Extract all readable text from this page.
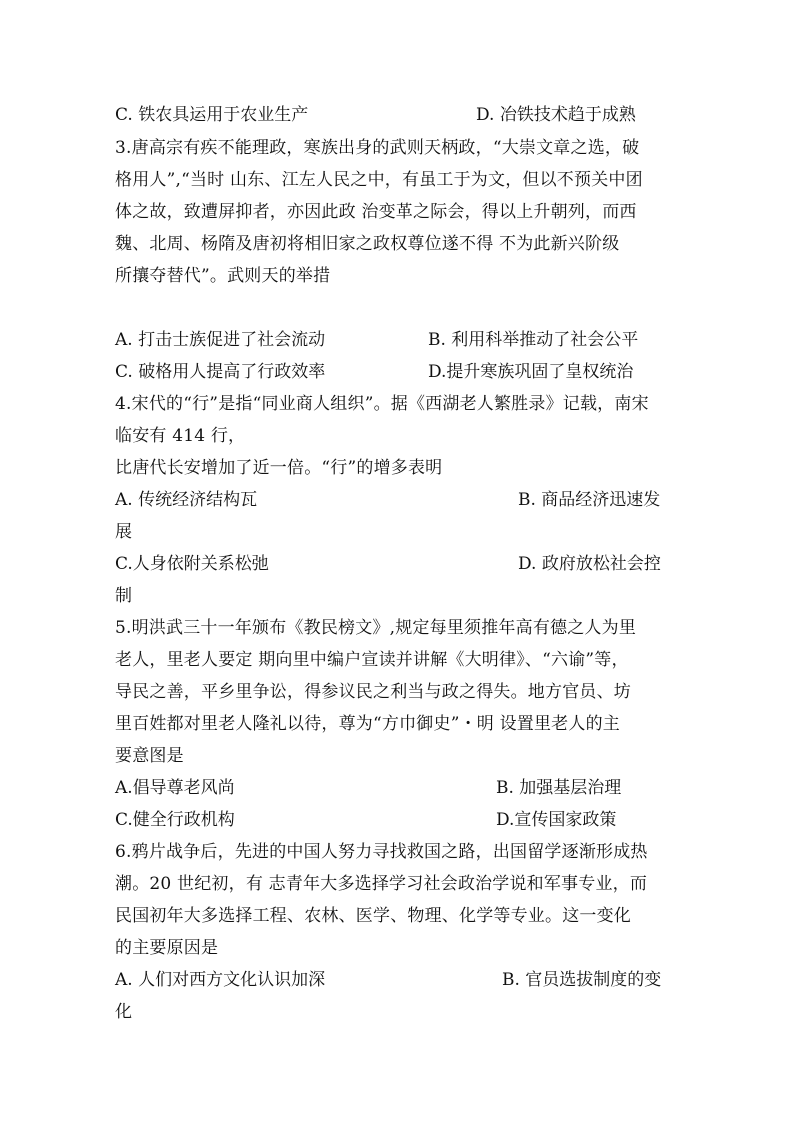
C. 铁农具运用于农业生产	D. 冶铁技术趋于成熟
3.唐高宗有疾不能理政，寒族出身的武则天柄政，“大崇文章之选，破
格用人”,“当时 山东、江左人民之中，有虽工于为文，但以不预关中团
体之故，致遭屏抑者，亦因此政 治变革之际会，得以上升朝列，而西
魏、北周、杨隋及唐初将相旧家之政权尊位遂不得 不为此新兴阶级
所攘夺替代”。武则天的举措
A. 打击士族促进了社会流动	B. 利用科举推动了社会公平
C. 破格用人提高了行政效率	D.提升寒族巩固了皇权统治
4.宋代的“行”是指“同业商人组织”。据《西湖老人繁胜录》记载，南宋
临安有 414 行，
比唐代长安增加了近一倍。“行”的增多表明
A. 传统经济结构瓦	B. 商品经济迅速发
展
C.人身依附关系松弛	D. 政府放松社会控
制
5.明洪武三十一年颁布《教民榜文》,规定每里须推年高有德之人为里
老人，里老人要定 期向里中编户宣读并讲解《大明律》、“六谕”等，
导民之善，平乡里争讼，得参议民之利当与政之得失。地方官员、坊
里百姓都对里老人隆礼以待，尊为“方巾御史”・明 设置里老人的主
要意图是
A.倡导尊老风尚	B. 加强基层治理
C.健全行政机构	D.宣传国家政策
6.鸦片战争后，先进的中国人努力寻找救国之路，出国留学逐渐形成热
潮。20 世纪初，有 志青年大多选择学习社会政治学说和军事专业，而
民国初年大多选择工程、农林、医学、物理、化学等专业。这一变化
的主要原因是
A. 人们对西方文化认识加深	B. 官员选拔制度的变
化
